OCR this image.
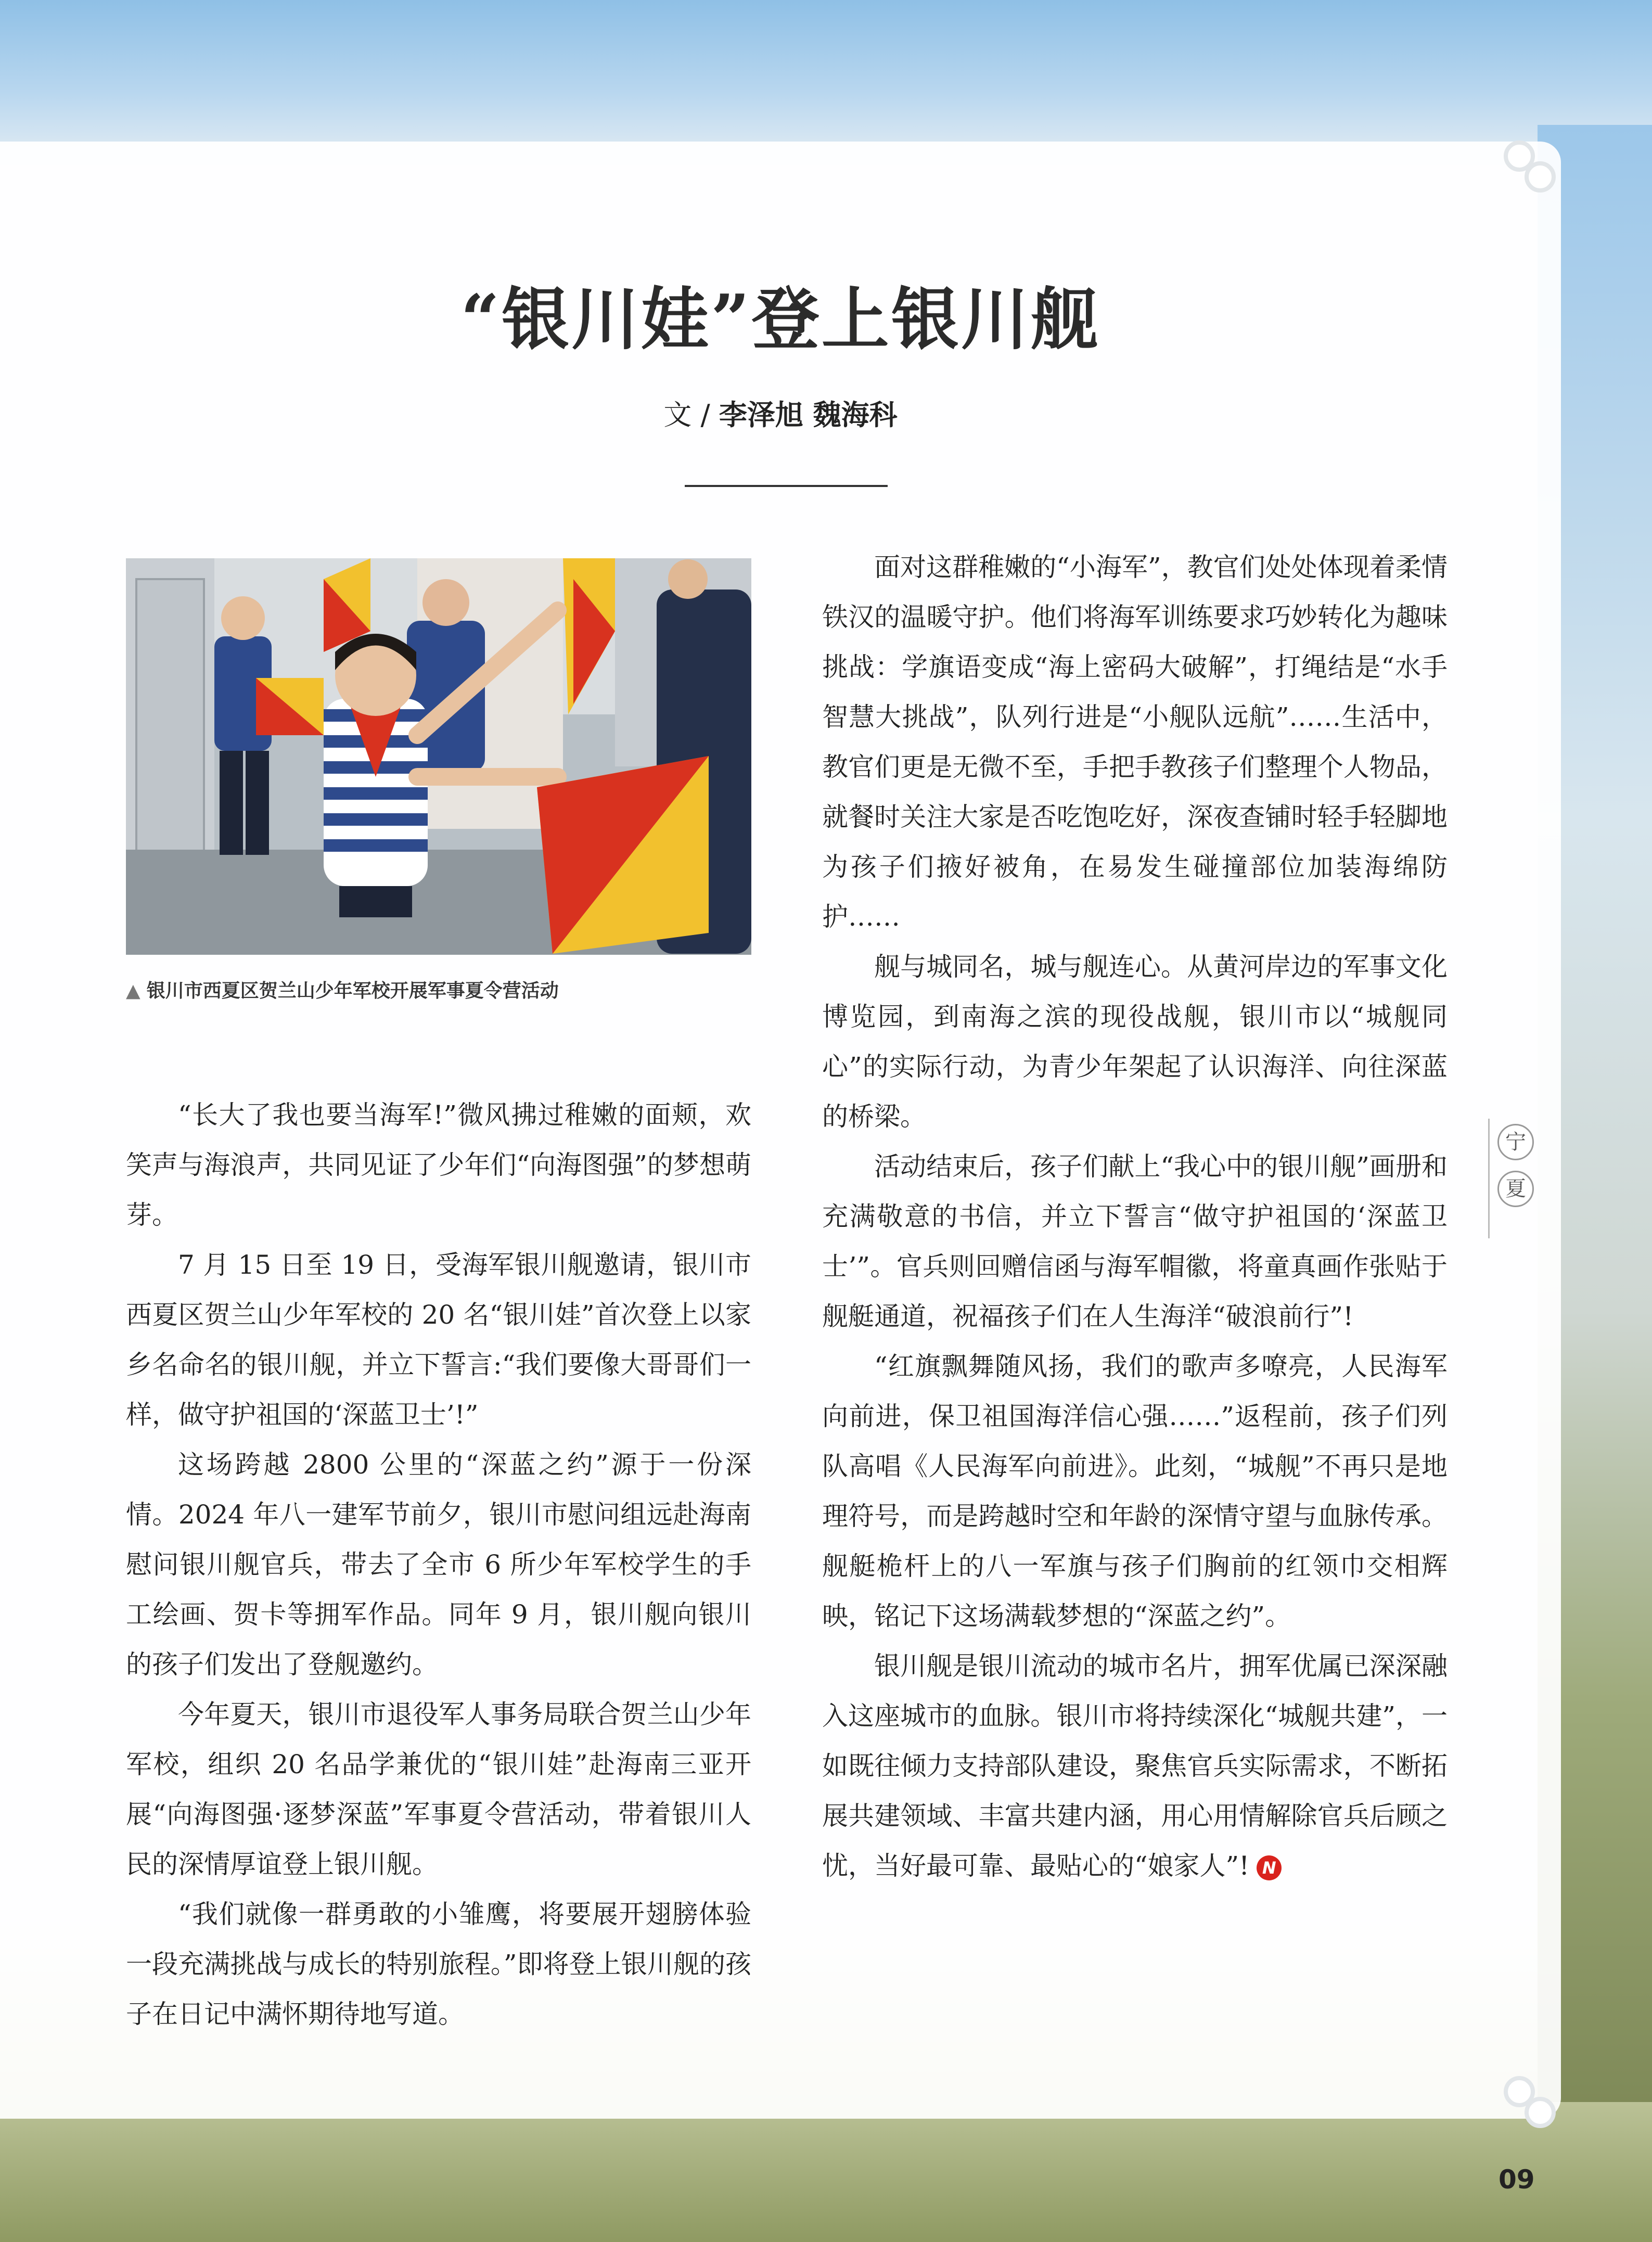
“银川娃”登上银川舰
文 / 李泽旭 魏海科
▲ 银川市西夏区贺兰山少年军校开展军事夏令营活动

“长大了我也要当海军!”微风拂过稚嫩的面颊，欢笑声与海浪声，共同见证了少年们“向海图强”的梦想萌芽。

7 月 15 日至 19 日，受海军银川舰邀请，银川市西夏区贺兰山少年军校的 20 名“银川娃”首次登上以家乡名命名的银川舰，并立下誓言:“我们要像大哥哥们一样，做守护祖国的‘深蓝卫士’!”

这场跨越 2800 公里的“深蓝之约”源于一份深情。2024 年八一建军节前夕，银川市慰问组远赴海南慰问银川舰官兵，带去了全市 6 所少年军校学生的手工绘画、贺卡等拥军作品。同年 9 月，银川舰向银川的孩子们发出了登舰邀约。

今年夏天，银川市退役军人事务局联合贺兰山少年军校，组织 20 名品学兼优的“银川娃”赴海南三亚开展“向海图强·逐梦深蓝”军事夏令营活动，带着银川人民的深情厚谊登上银川舰。

“我们就像一群勇敢的小雏鹰，将要展开翅膀体验一段充满挑战与成长的特别旅程。”即将登上银川舰的孩子在日记中满怀期待地写道。

面对这群稚嫩的“小海军”，教官们处处体现着柔情铁汉的温暖守护。他们将海军训练要求巧妙转化为趣味挑战：学旗语变成“海上密码大破解”，打绳结是“水手智慧大挑战”，队列行进是“小舰队远航”……生活中，教官们更是无微不至，手把手教孩子们整理个人物品，就餐时关注大家是否吃饱吃好，深夜查铺时轻手轻脚地为孩子们掖好被角，在易发生碰撞部位加装海绵防护……

舰与城同名，城与舰连心。从黄河岸边的军事文化博览园，到南海之滨的现役战舰，银川市以“城舰同心”的实际行动，为青少年架起了认识海洋、向往深蓝的桥梁。

活动结束后，孩子们献上“我心中的银川舰”画册和充满敬意的书信，并立下誓言“做守护祖国的‘深蓝卫士’”。官兵则回赠信函与海军帽徽，将童真画作张贴于舰艇通道，祝福孩子们在人生海洋“破浪前行”!

“红旗飘舞随风扬，我们的歌声多嘹亮，人民海军向前进，保卫祖国海洋信心强……”返程前，孩子们列队高唱《人民海军向前进》。此刻，“城舰”不再只是地理符号，而是跨越时空和年龄的深情守望与血脉传承。舰艇桅杆上的八一军旗与孩子们胸前的红领巾交相辉映，铭记下这场满载梦想的“深蓝之约”。

银川舰是银川流动的城市名片，拥军优属已深深融入这座城市的血脉。银川市将持续深化“城舰共建”，一如既往倾力支持部队建设，聚焦官兵实际需求，不断拓展共建领域、丰富共建内涵，用心用情解除官兵后顾之忧，当好最可靠、最贴心的“娘家人”! N

宁
夏
09
